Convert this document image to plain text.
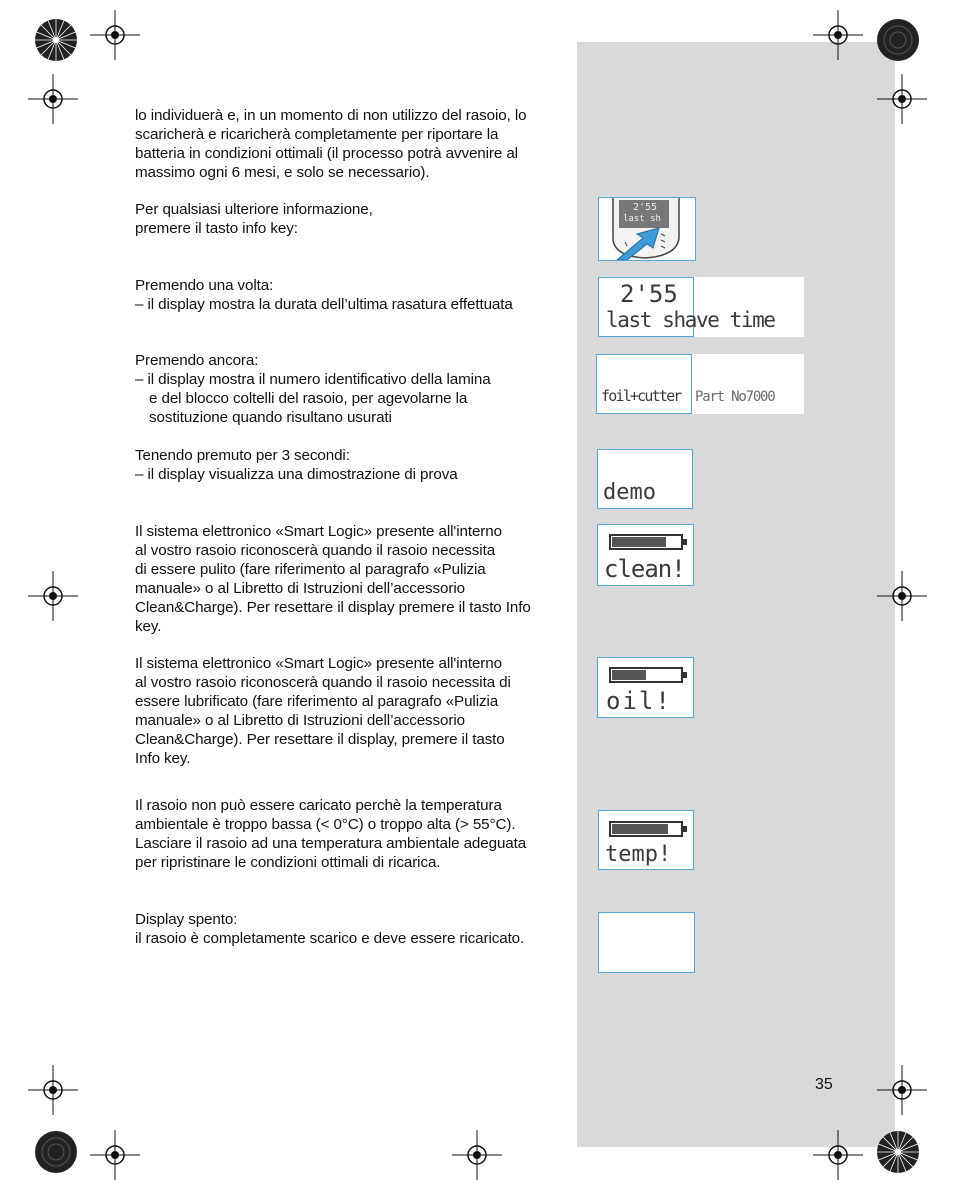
lo individuerà e, in un momento di non utilizzo del rasoio, lo
scaricherà e ricaricherà completamente per riportare la
batteria in condizioni ottimali (il processo potrà avvenire al
massimo ogni 6 mesi, e solo se necessario).
Per qualsiasi ulteriore informazione,
premere il tasto info key:
Premendo una volta:
– il display mostra la durata dell’ultima rasatura effettuata
Premendo ancora:
– il display mostra il numero identificativo della lamina
e del blocco coltelli del rasoio, per agevolarne la
sostituzione quando risultano usurati
Tenendo premuto per 3 secondi:
– il display visualizza una dimostrazione di prova
Il sistema elettronico «Smart Logic» presente all'interno
al vostro rasoio riconoscerà quando il rasoio necessita
di essere pulito (fare riferimento al paragrafo «Pulizia
manuale» o al Libretto di Istruzioni dell’accessorio
Clean&Charge). Per resettare il display premere il tasto Info
key.
Il sistema elettronico «Smart Logic» presente all'interno
al vostro rasoio riconoscerà quando il rasoio necessita di
essere lubrificato (fare riferimento al paragrafo «Pulizia
manuale» o al Libretto di Istruzioni dell’accessorio
Clean&Charge). Per resettare il display, premere il tasto
Info key.
Il rasoio non può essere caricato perchè la temperatura
ambientale è troppo bassa (< 0°C) o troppo alta (> 55°C).
Lasciare il rasoio ad una temperatura ambientale adeguata
per ripristinare le condizioni ottimali di ricarica.
Display spento:
il rasoio è completamente scarico e deve essere ricaricato.
2'55
last sh
2'55
last shave time
foil+cutter Part No7000
demo
clean!
oil!
temp!
35
